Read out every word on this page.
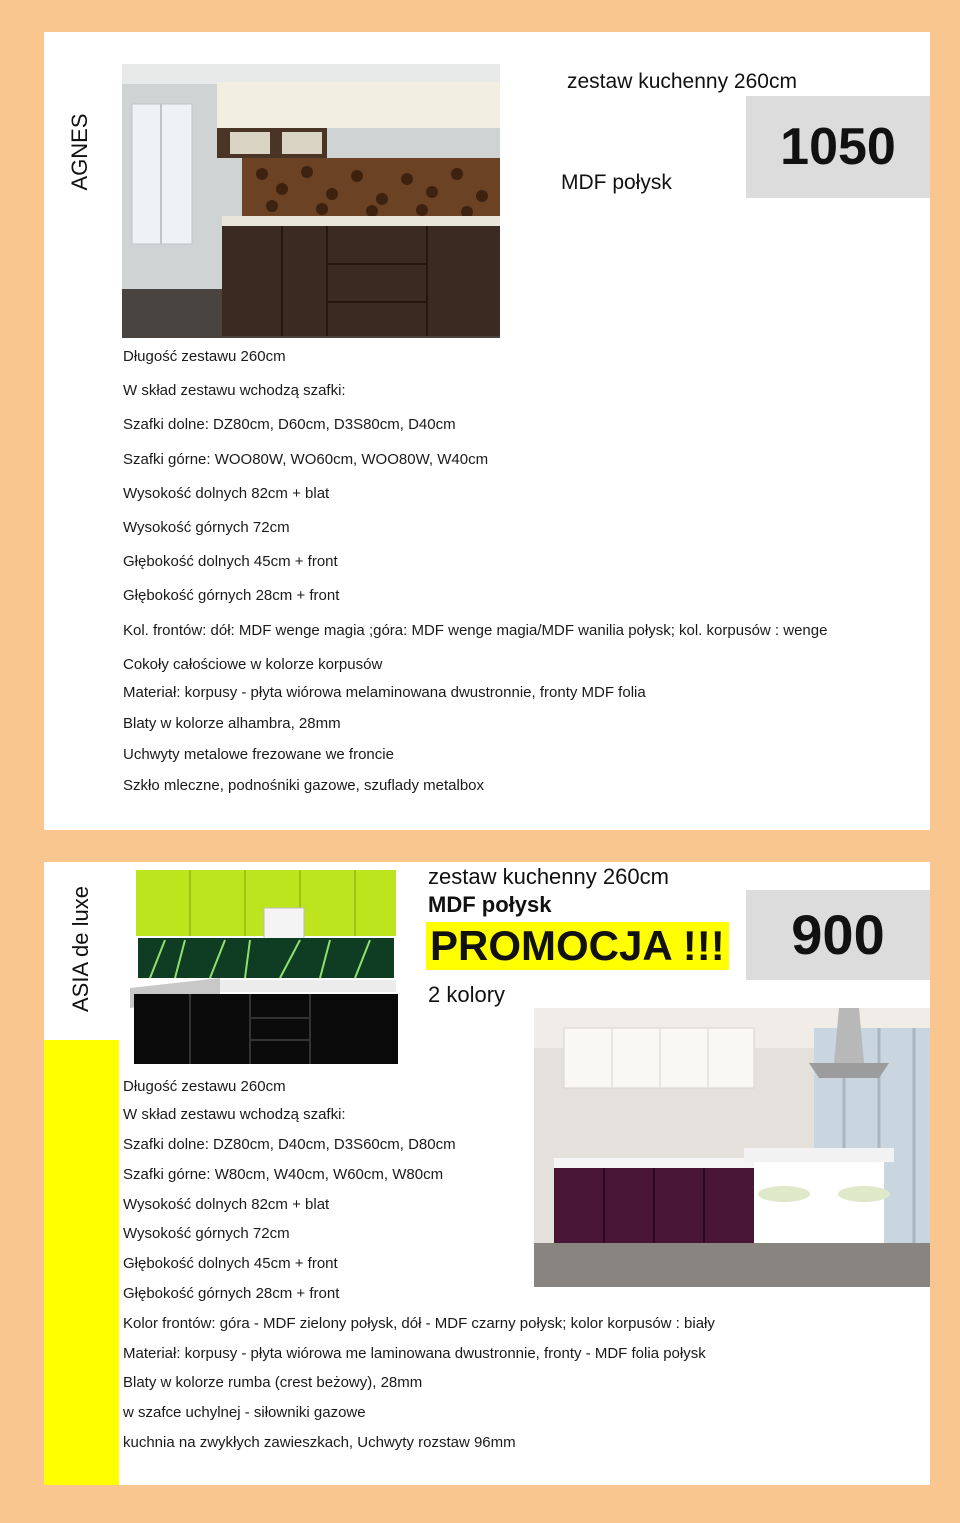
AGNES
zestaw kuchenny 260cm
MDF połysk
1050

Długość zestawu 260cm

W skład zestawu wchodzą szafki:

Szafki dolne: DZ80cm, D60cm, D3S80cm, D40cm

Szafki górne: WOO80W, WO60cm, WOO80W, W40cm

Wysokość dolnych 82cm + blat

Wysokość górnych 72cm

Głębokość dolnych 45cm + front

Głębokość górnych 28cm + front

Kol. frontów: dół: MDF wenge magia ;góra: MDF wenge magia/MDF wanilia połysk; kol. korpusów : wenge

Cokoły całościowe w kolorze korpusów

Materiał: korpusy - płyta wiórowa melaminowana dwustronnie, fronty MDF folia

Blaty w kolorze alhambra, 28mm

Uchwyty metalowe frezowane we froncie

Szkło mleczne, podnośniki gazowe, szuflady metalbox

ASIA de luxe
zestaw kuchenny 260cm
MDF połysk
PROMOCJA !!!
2 kolory
900

Długość zestawu 260cm

W skład zestawu wchodzą szafki:

Szafki dolne: DZ80cm, D40cm, D3S60cm, D80cm

Szafki górne: W80cm, W40cm, W60cm, W80cm

Wysokość dolnych 82cm + blat

Wysokość górnych 72cm

Głębokość dolnych 45cm + front

Głębokość górnych 28cm + front

Kolor frontów: góra - MDF zielony połysk, dół - MDF czarny połysk; kolor korpusów : biały

Materiał: korpusy - płyta wiórowa me laminowana dwustronnie, fronty - MDF folia połysk

Blaty w kolorze rumba (crest beżowy), 28mm

w szafce uchylnej - siłowniki gazowe

kuchnia na zwykłych zawieszkach, Uchwyty rozstaw 96mm
